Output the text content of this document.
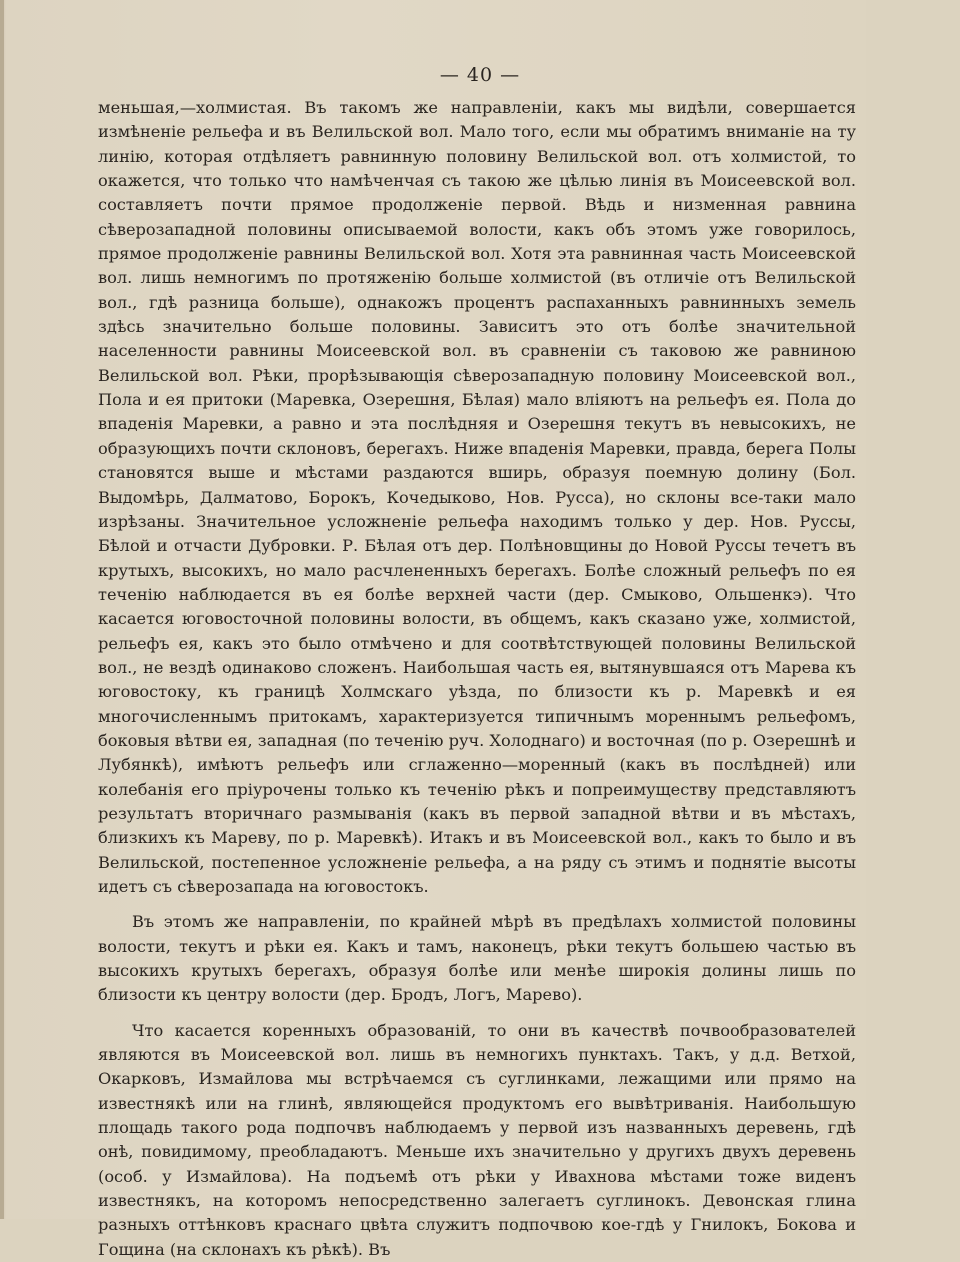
— 40 —

меньшая,—холмистая. Въ такомъ же направленіи, какъ мы видѣли, совершается измѣненіе рельефа и въ Велильской вол. Мало того, если мы обратимъ вниманіе на ту линію, которая отдѣляетъ равнинную половину Велильской вол. отъ холмистой, то окажется, что только что намѣченчая съ такою же цѣлью линія въ Моисеевской вол. составляетъ почти прямое продолженіе первой. Вѣдь и низменная равнина сѣверозападной половины описываемой волости, какъ объ этомъ уже говорилось, прямое продолженіе равнины Велильской вол. Хотя эта равнинная часть Моисеевской вол. лишь немногимъ по протяженію больше холмистой (въ отличіе отъ Велильской вол., гдѣ разница больше), однакожъ процентъ распаханныхъ равнинныхъ земель здѣсь значительно больше половины. Зависитъ это отъ болѣе значительной населенности равнины Моисеевской вол. въ сравненіи съ таковою же равниною Велильской вол. Рѣки, прорѣзывающія сѣверозападную половину Моисеевской вол., Пола и ея притоки (Маревка, Озерешня, Бѣлая) мало вліяютъ на рельефъ ея. Пола до впаденія Маревки, а равно и эта послѣдняя и Озерешня текутъ въ невысокихъ, не образующихъ почти склоновъ, берегахъ. Ниже впаденія Маревки, правда, берега Полы становятся выше и мѣстами раздаются вширь, образуя поемную долину (Бол. Выдомѣрь, Далматово, Борокъ, Кочедыково, Нов. Русса), но склоны все-таки мало изрѣзаны. Значительное усложненіе рельефа находимъ только у дер. Нов. Руссы, Бѣлой и отчасти Дубровки. Р. Бѣлая отъ дер. Полѣновщины до Новой Руссы течетъ въ крутыхъ, высокихъ, но мало расчлененныхъ берегахъ. Болѣе сложный рельефъ по ея теченію наблюдается въ ея болѣе верхней части (дер. Смыково, Ольшенкэ). Что касается юговосточной половины волости, въ общемъ, какъ сказано уже, холмистой, рельефъ ея, какъ это было отмѣчено и для соотвѣтствующей половины Велильской вол., не вездѣ одинаково сложенъ. Наибольшая часть ея, вытянувшаяся отъ Марева къ юговостоку, къ границѣ Холмскаго уѣзда, по близости къ р. Маревкѣ и ея многочисленнымъ притокамъ, характеризуется типичнымъ мореннымъ рельефомъ, боковыя вѣтви ея, западная (по теченію руч. Холоднаго) и восточная (по р. Озерешнѣ и Лубянкѣ), имѣютъ рельефъ или сглаженно—моренный (какъ въ послѣдней) или колебанія его пріурочены только къ теченію рѣкъ и попреимуществу представляютъ результатъ вторичнаго размыванія (какъ въ первой западной вѣтви и въ мѣстахъ, близкихъ къ Мареву, по р. Маревкѣ). Итакъ и въ Моисеевской вол., какъ то было и въ Велильской, постепенное усложненіе рельефа, а на ряду съ этимъ и поднятіе высоты идетъ съ сѣверозапада на юговостокъ.

Въ этомъ же направленіи, по крайней мѣрѣ въ предѣлахъ холмистой половины волости, текутъ и рѣки ея. Какъ и тамъ, наконецъ, рѣки текутъ большею частью въ высокихъ крутыхъ берегахъ, образуя болѣе или менѣе широкія долины лишь по близости къ центру волости (дер. Бродъ, Логъ, Марево).

Что касается коренныхъ образованій, то они въ качествѣ почвообразователей являются въ Моисеевской вол. лишь въ немногихъ пунктахъ. Такъ, у д.д. Ветхой, Окарковъ, Измайлова мы встрѣчаемся съ суглинками, лежащими или прямо на известнякѣ или на глинѣ, являющейся продуктомъ его вывѣтриванія. Наибольшую площадь такого рода подпочвъ наблюдаемъ у первой изъ названныхъ деревень, гдѣ онѣ, повидимому, преобладаютъ. Меньше ихъ значительно у другихъ двухъ деревень (особ. у Измайлова). На подъемѣ отъ рѣки у Ивахнова мѣстами тоже виденъ известнякъ, на которомъ непосредственно залегаетъ суглинокъ. Девонская глина разныхъ оттѣнковъ краснаго цвѣта служитъ подпочвою кое-гдѣ у Гнилокъ, Бокова и Гощина (на склонахъ къ рѣкѣ). Въ
